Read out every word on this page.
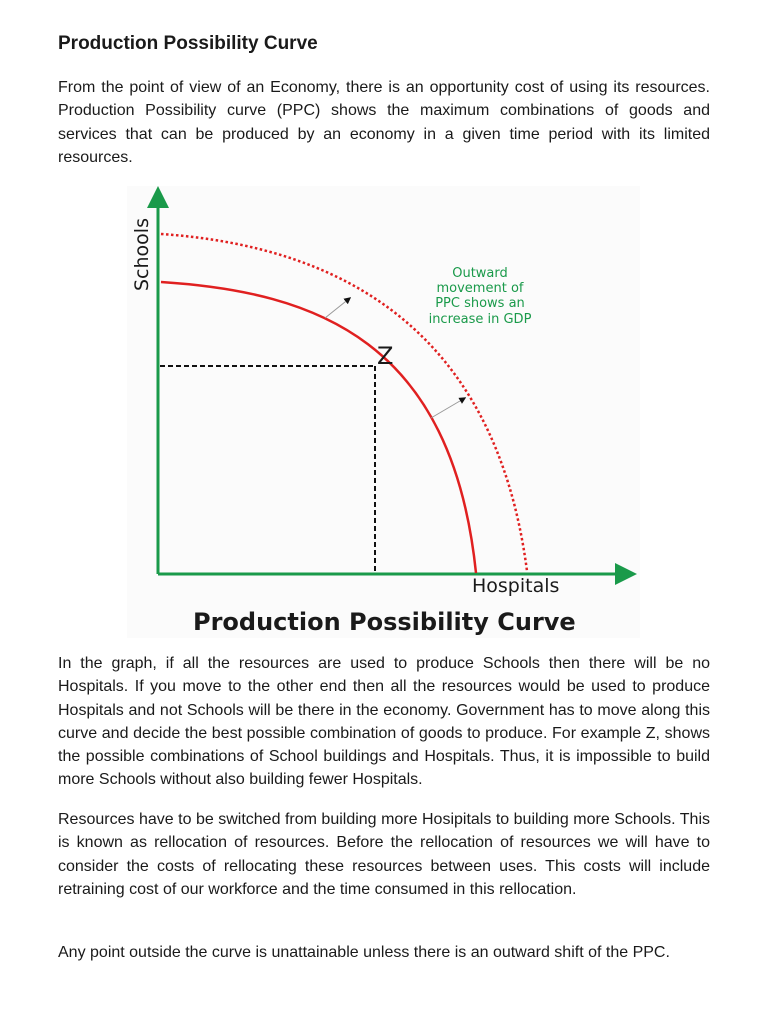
Production Possibility Curve

From the point of view of an Economy, there is an opportunity cost of using its resources. Production Possibility curve (PPC) shows the maximum combinations of goods and services that can be produced by an economy in a given time period with its limited resources.

In the graph, if all the resources are used to produce Schools then there will be no Hospitals. If you move to the other end then all the resources would be used to produce Hospitals and not Schools will be there in the economy. Government has to move along this curve and decide the best possible combination of goods to produce. For example Z, shows the possible combinations of School buildings and Hospitals. Thus, it is impossible to build more Schools without also building fewer Hospitals.

Resources have to be switched from building more Hosipitals to building more Schools. This is known as rellocation of resources. Before the rellocation of resources we will have to consider the costs of rellocating these resources between uses. This costs will include retraining cost of our workforce and the time consumed in this rellocation.

Any point outside the curve is unattainable unless there is an outward shift of the PPC.

Z
Schools
Hospitals
Outward
movement of
PPC shows an
increase in GDP
Production Possibility Curve
